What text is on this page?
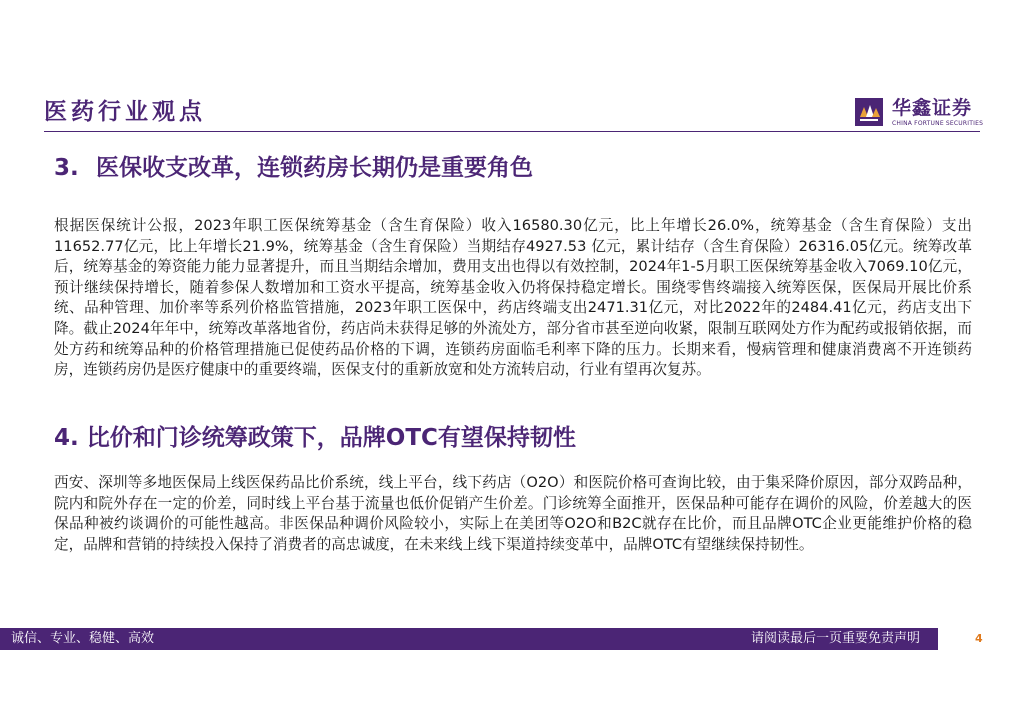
医药行业观点	华鑫证券
CHINA FORTUNE SECURITIES
3. 医保收支改革，连锁药房长期仍是重要角色

根据医保统计公报，2023年职工医保统筹基金（含生育保险）收入16580.30亿元，比上年增长26.0%，统筹基金（含生育保险）支出11652.77亿元，比上年增长21.9%，统筹基金（含生育保险）当期结存4927.53 亿元，累计结存（含生育保险）26316.05亿元。统筹改革后，统筹基金的筹资能力能力显著提升，而且当期结余增加，费用支出也得以有效控制，2024年1-5月职工医保统筹基金收入7069.10亿元，预计继续保持增长，随着参保人数增加和工资水平提高，统筹基金收入仍将保持稳定增长。围绕零售终端接入统筹医保，医保局开展比价系统、品种管理、加价率等系列价格监管措施，2023年职工医保中，药店终端支出2471.31亿元，对比2022年的2484.41亿元，药店支出下降。截止2024年年中，统筹改革落地省份，药店尚未获得足够的外流处方，部分省市甚至逆向收紧，限制互联网处方作为配药或报销依据，而处方药和统筹品种的价格管理措施已促使药品价格的下调，连锁药房面临毛利率下降的压力。长期来看，慢病管理和健康消费离不开连锁药房，连锁药房仍是医疗健康中的重要终端，医保支付的重新放宽和处方流转启动，行业有望再次复苏。

4. 比价和门诊统筹政策下，品牌OTC有望保持韧性

西安、深圳等多地医保局上线医保药品比价系统，线上平台，线下药店（O2O）和医院价格可查询比较，由于集采降价原因，部分双跨品种，院内和院外存在一定的价差，同时线上平台基于流量也低价促销产生价差。门诊统筹全面推开，医保品种可能存在调价的风险，价差越大的医保品种被约谈调价的可能性越高。非医保品种调价风险较小，实际上在美团等O2O和B2C就存在比价，而且品牌OTC企业更能维护价格的稳定，品牌和营销的持续投入保持了消费者的高忠诚度，在未来线上线下渠道持续变革中，品牌OTC有望继续保持韧性。

诚信、专业、稳健、高效	请阅读最后一页重要免责声明	4
